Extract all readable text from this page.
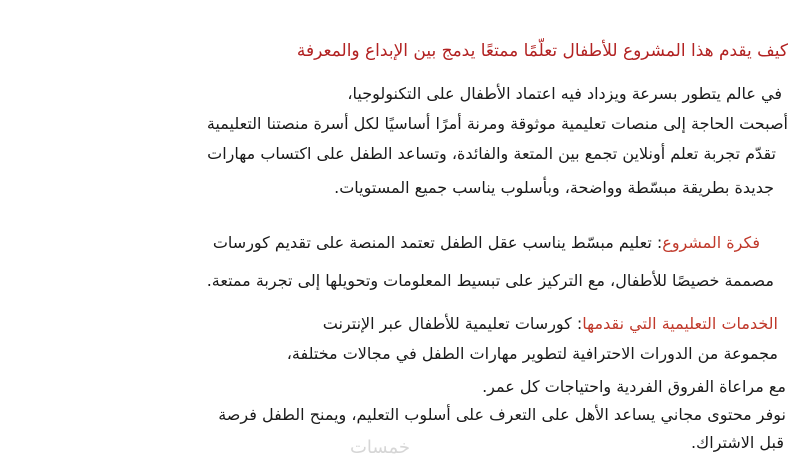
كيف يقدم هذا المشروع للأطفال تعلّمًا ممتعًا يدمج بين الإبداع والمعرفة
في عالم يتطور بسرعة ويزداد فيه اعتماد الأطفال على التكنولوجيا،
أصبحت الحاجة إلى منصات تعليمية موثوقة ومرنة أمرًا أساسيًا لكل أسرة منصتنا التعليمية
تقدّم تجربة تعلم أونلاين تجمع بين المتعة والفائدة، وتساعد الطفل على اكتساب مهارات
جديدة بطريقة مبسّطة وواضحة، وبأسلوب يناسب جميع المستويات.
فكرة المشروع: تعليم مبسّط يناسب عقل الطفل تعتمد المنصة على تقديم كورسات
مصممة خصيصًا للأطفال، مع التركيز على تبسيط المعلومات وتحويلها إلى تجربة ممتعة.
الخدمات التعليمية التي نقدمها: كورسات تعليمية للأطفال عبر الإنترنت
مجموعة من الدورات الاحترافية لتطوير مهارات الطفل في مجالات مختلفة،
مع مراعاة الفروق الفردية واحتياجات كل عمر.
نوفر محتوى مجاني يساعد الأهل على التعرف على أسلوب التعليم، ويمنح الطفل فرصة
قبل الاشتراك.
خمسات
